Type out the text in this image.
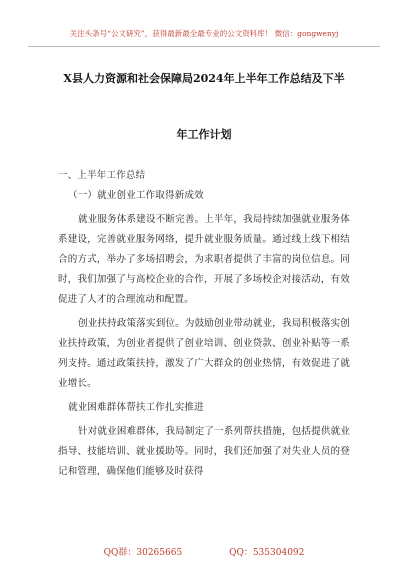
关注头条号“公文研究”，获得最新最全最专业的公文资料库！ 微信：gongwenyj
X县人力资源和社会保障局2024年上半年工作总结及下半
年工作计划

一、上半年工作总结

（一）就业创业工作取得新成效

就业服务体系建设不断完善。上半年，我局持续加强就业服务体系建设，完善就业服务网络，提升就业服务质量。通过线上线下相结合的方式，举办了多场招聘会，为求职者提供了丰富的岗位信息。同时，我们加强了与高校企业的合作，开展了多场校企对接活动，有效促进了人才的合理流动和配置。

创业扶持政策落实到位。为鼓励创业带动就业，我局积极落实创业扶持政策，为创业者提供了创业培训、创业贷款、创业补贴等一系列支持。通过政策扶持，激发了广大群众的创业热情，有效促进了就业增长。

就业困难群体帮扶工作扎实推进

针对就业困难群体，我局制定了一系列帮扶措施，包括提供就业指导、技能培训、就业援助等。同时，我们还加强了对失业人员的登记和管理，确保他们能够及时获得

QQ群：30265665	QQ：535304092
